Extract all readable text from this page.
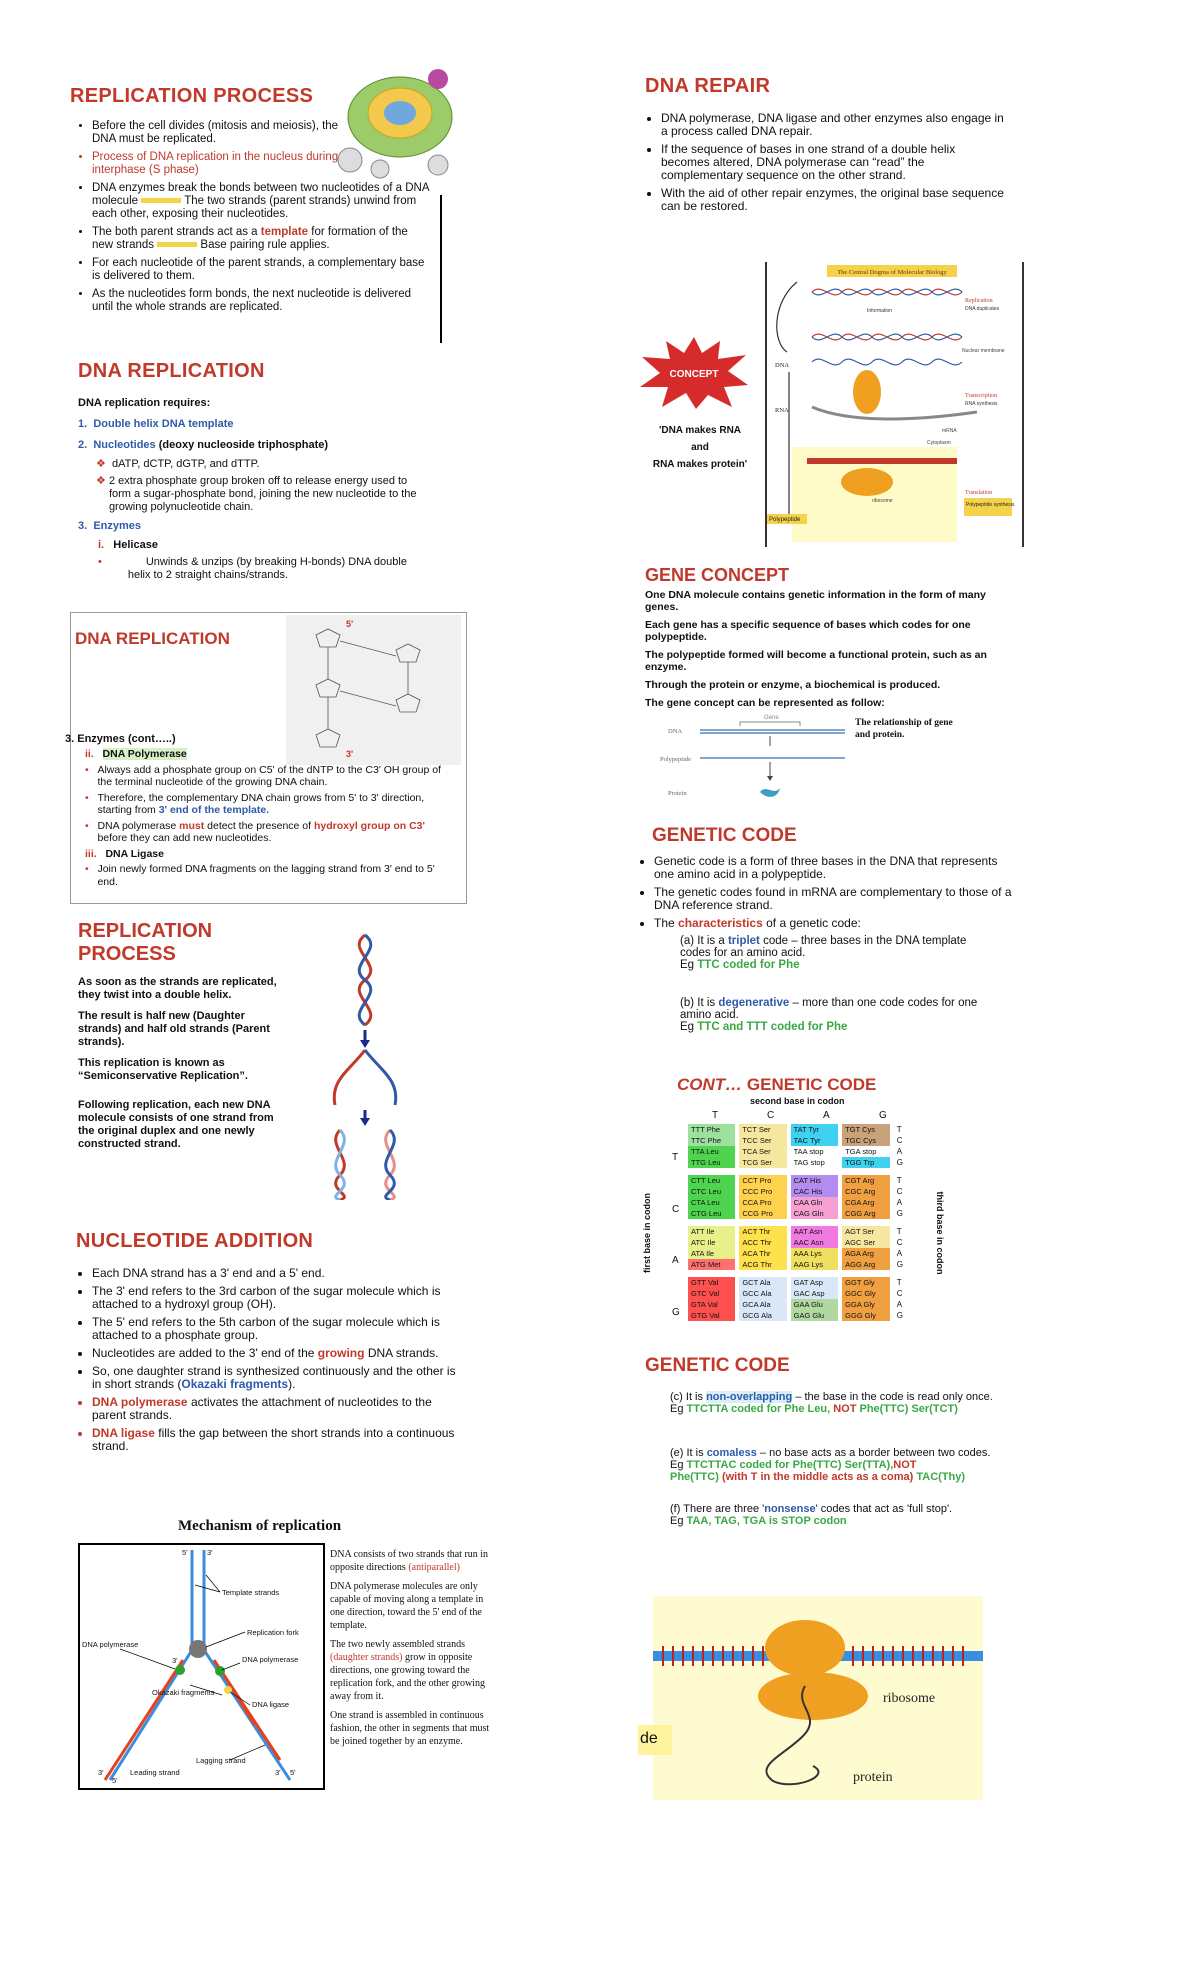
REPLICATION PROCESS
• Before the cell divides (mitosis and meiosis), the DNA must be replicated.
• Process of DNA replication in the nucleus during interphase (S phase)
• DNA enzymes break the bonds between two nucleotides of a DNA molecule	The two strands (parent strands) unwind from each other, exposing their nucleotides.
• The both parent strands act as a template for formation of the new strands	Base pairing rule applies.
• For each nucleotide of the parent strands, a complementary base is delivered to them.
• As the nucleotides form bonds, the next nucleotide is delivered until the whole strands are replicated.
DNA REPLICATION
DNA replication requires:
1. Double helix DNA template
2. Nucleotides (deoxy nucleoside triphosphate)
❖ dATP, dCTP, dGTP, and dTTP.
❖
2 extra phosphate group broken off to release energy used to form a sugar-phosphate bond, joining the new nucleotide to the growing polynucleotide chain.
3. Enzymes
i. Helicase
•	Unwinds & unzips (by breaking H-bonds) DNA double helix to 2 straight chains/strands.
DNA REPLICATION
5'
3'
3. Enzymes (cont…..)
ii. DNA Polymerase
• Always add a phosphate group on C5' of the dNTP to the C3' OH group of the terminal nucleotide of the growing DNA chain.
• Therefore, the complementary DNA chain grows from 5' to 3' direction, starting from 3' end of the template.
• DNA polymerase must detect the presence of hydroxyl group on C3' before they can add new nucleotides.
iii. DNA Ligase
• Join newly formed DNA fragments on the lagging strand from 3' end to 5' end.
REPLICATION PROCESS
As soon as the strands are replicated, they twist into a double helix.
The result is half new (Daughter strands) and half old strands (Parent strands).
This replication is known as “Semiconservative Replication”.
Following replication, each new DNA molecule consists of one strand from the original duplex and one newly constructed strand.
NUCLEOTIDE ADDITION
• Each DNA strand has a 3' end and a 5' end.
• The 3' end refers to the 3rd carbon of the sugar molecule which is attached to a hydroxyl group (OH).
• The 5' end refers to the 5th carbon of the sugar molecule which is attached to a phosphate group.
• Nucleotides are added to the 3' end of the growing DNA strands.
• So, one daughter strand is synthesized continuously and the other is in short strands (Okazaki fragments).
• DNA polymerase activates the attachment of nucleotides to the parent strands.
• DNA ligase fills the gap between the short strands into a continuous strand.
Mechanism of replication
5'	3'
Template strands
Replication fork
DNA polymerase
DNA polymerase
DNA ligase
Okazaki fragments
Lagging strand
Leading strand
3'
5'
3' 5'
3'
DNA consists of two strands that run in opposite directions (antiparallel)
DNA polymerase molecules are only capable of moving along a template in one direction, toward the 5' end of the template.
The two newly assembled strands (daughter strands) grow in opposite directions, one growing toward the replication fork, and the other growing away from it.
One strand is assembled in continuous fashion, the other in segments that must be joined together by an enzyme.
DNA REPAIR
• DNA polymerase, DNA ligase and other enzymes also engage in a process called DNA repair.
• If the sequence of bases in one strand of a double helix becomes altered, DNA polymerase can “read” the complementary sequence on the other strand.
• With the aid of other repair enzymes, the original base sequence can be restored.
CONCEPT
'DNA makes RNA
and
RNA makes protein'
The Central Dogma of Molecular Biology
ribosome
DNA
RNA
Polypeptide
Information
Nuclear membrane
mRNA
Cytoplasm
Replication
DNA duplicates
Transcription
RNA synthesis
Translation
Polypeptide synthesis
GENE CONCEPT
One DNA molecule contains genetic information in the form of many genes.
Each gene has a specific sequence of bases which codes for one polypeptide.
The polypeptide formed will become a functional protein, such as an enzyme.
Through the protein or enzyme, a biochemical is produced.
The gene concept can be represented as follow:
Gene
DNA
Polypeptide
Protein
The relationship of gene and protein.
GENETIC CODE
• Genetic code is a form of three bases in the DNA that represents one amino acid in a polypeptide.
• The genetic codes found in mRNA are complementary to those of a DNA reference strand.
• The characteristics of a genetic code:
(a) It is a triplet code – three bases in the DNA template codes for an amino acid.
Eg TTC coded for Phe
(b) It is degenerative – more than one code codes for one amino acid.
Eg TTC and TTT coded for Phe
CONT… GENETIC CODE
second base in codon
T	C	A	G
first base in codon	third base in codon
T
C
A
G
TTT Phe	TCT Ser	TAT Tyr	TGT Cys	T
TTC Phe	TCC Ser	TAC Tyr	TGC Cys	C
TTA Leu	TCA Ser	TAA stop	TGA stop	A
TTG Leu	TCG Ser	TAG stop	TGG Trp	G
CTT Leu	CCT Pro	CAT His	CGT Arg	T
CTC Leu	CCC Pro	CAC His	CGC Arg	C
CTA Leu	CCA Pro	CAA Gln	CGA Arg	A
CTG Leu	CCG Pro	CAG Gln	CGG Arg	G
ATT Ile	ACT Thr	AAT Asn	AGT Ser	T
ATC Ile	ACC Thr	AAC Asn	AGC Ser	C
ATA Ile	ACA Thr	AAA Lys	AGA Arg	A
ATG Met	ACG Thr	AAG Lys	AGG Arg	G
GTT Val	GCT Ala	GAT Asp	GGT Gly	T
GTC Val	GCC Ala	GAC Asp	GGC Gly	C
GTA Val	GCA Ala	GAA Glu	GGA Gly	A
GTG Val	GCG Ala	GAG Glu	GGG Gly	G
GENETIC CODE
(c) It is non-overlapping – the base in the code is read only once.
Eg TTCTTA coded for Phe Leu, NOT Phe(TTC) Ser(TCT)
(e) It is comaless – no base acts as a border between two codes.
Eg TTCTTAC coded for Phe(TTC) Ser(TTA),NOT
Phe(TTC) (with T in the middle acts as a coma) TAC(Thy)
(f) There are three 'nonsense' codes that act as 'full stop'.
Eg TAA, TAG, TGA is STOP codon
ribosome
protein
de
